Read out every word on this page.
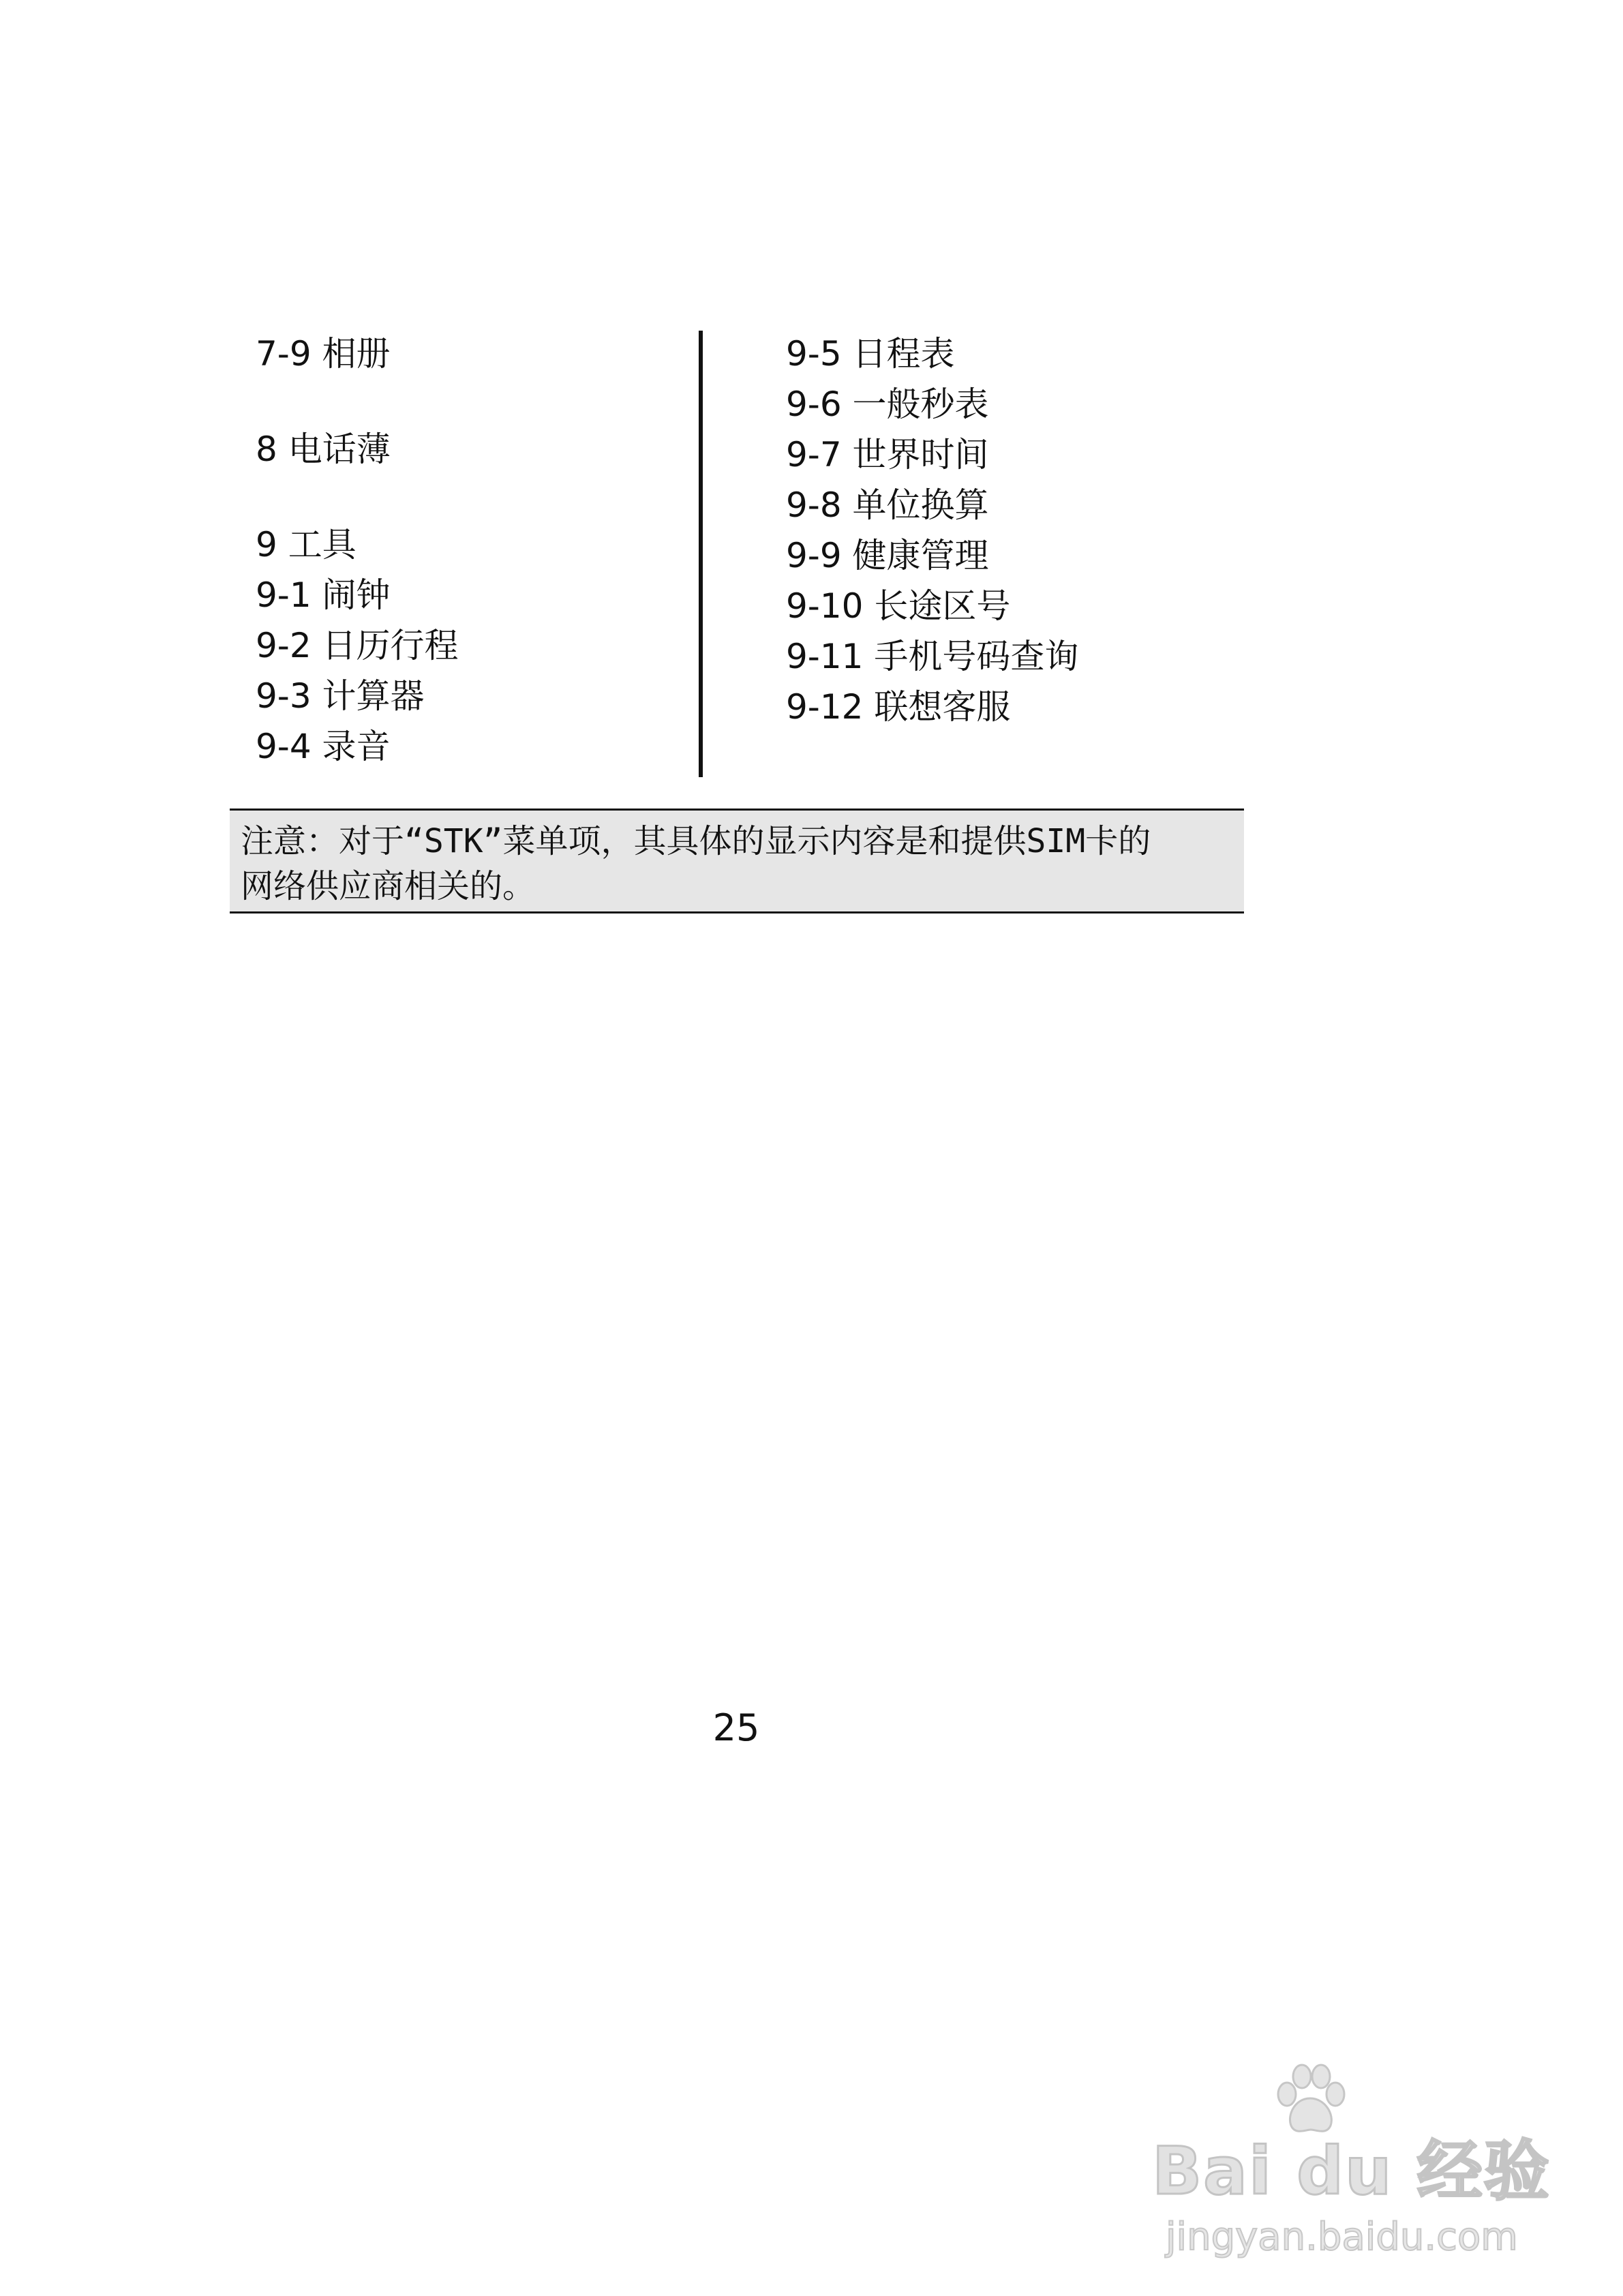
7-9 相册
8 电话薄
9 工具
9-1 闹钟
9-2 日历行程
9-3 计算器
9-4 录音
9-5 日程表
9-6 一般秒表
9-7 世界时间
9-8 单位换算
9-9 健康管理
9-10 长途区号
9-11 手机号码查询
9-12 联想客服
注意：对于“STK”菜单项，其具体的显示内容是和提供SIM卡的
网络供应商相关的。
25
Bai du 经验
jingyan.baidu.com
